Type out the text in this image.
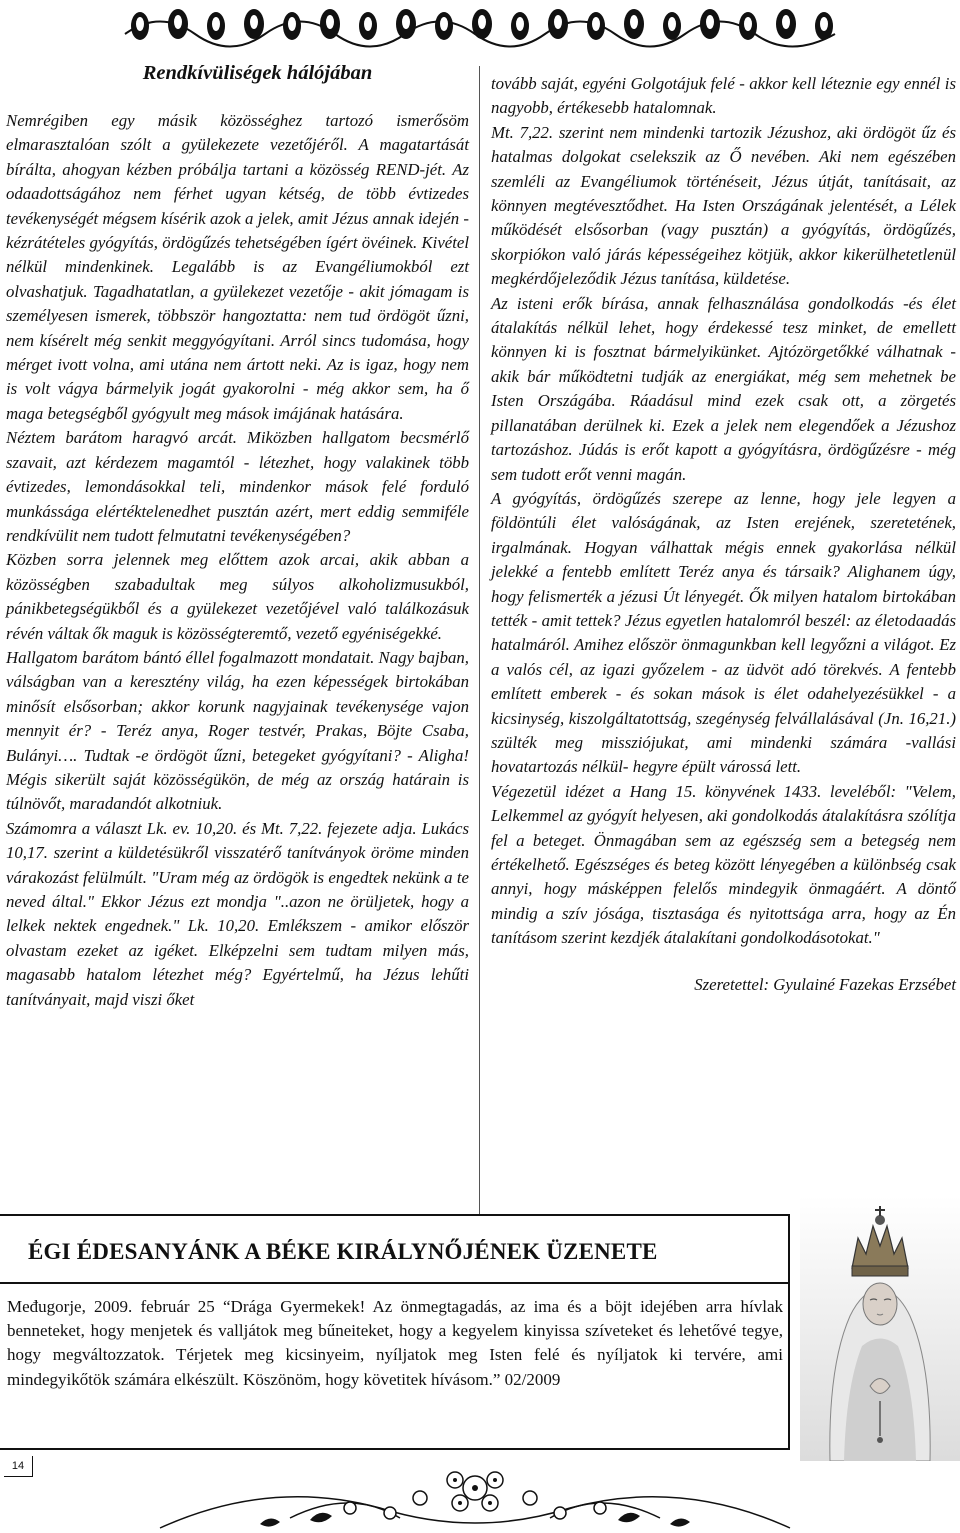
Rendkívüliségek hálójában

Nemrégiben egy másik közösséghez tartozó ismerősöm elmarasztalóan szólt a gyülekezete vezetőjéről. A magatartását bírálta, ahogyan kézben próbálja tartani a közösség REND-jét. Az odaadottságához nem férhet ugyan kétség, de több évtizedes tevékenységét mégsem kísérik azok a jelek, amit Jézus annak idején - kézrátételes gyógyítás, ördögűzés tehetségében ígért övéinek. Kivétel nélkül mindenkinek. Legalább is az Evangéliumokból ezt olvashatjuk. Tagadhatatlan, a gyülekezet vezetője - akit jómagam is személyesen ismerek, többször hangoztatta: nem tud ördögöt űzni, nem kísérelt még senkit meggyógyítani. Arról sincs tudomása, hogy mérget ivott volna, ami utána nem ártott neki. Az is igaz, hogy nem is volt vágya bármelyik jogát gyakorolni - még akkor sem, ha ő maga betegségből gyógyult meg mások imájának hatására.

Néztem barátom haragvó arcát. Miközben hallgatom becsmérlő szavait, azt kérdezem magamtól - létezhet, hogy valakinek több évtizedes, lemondásokkal teli, mindenkor mások felé forduló munkássága elértéktelenedhet pusztán azért, mert eddig semmiféle rendkívülit nem tudott felmutatni tevékenységében?

Közben sorra jelennek meg előttem azok arcai, akik abban a közösségben szabadultak meg súlyos alkoholizmusukból, pánikbetegségükből és a gyülekezet vezetőjével való találkozásuk révén váltak ők maguk is közösségteremtő, vezető egyéniségekké.

Hallgatom barátom bántó éllel fogalmazott mondatait. Nagy bajban, válságban van a keresztény világ, ha ezen képességek birtokában minősít elsősorban; akkor korunk nagyjainak tevékenysége vajon mennyit ér? - Teréz anya, Roger testvér, Prakas, Böjte Csaba, Bulányi…. Tudtak -e ördögöt űzni, betegeket gyógyítani? - Aligha! Mégis sikerült saját közösségükön, de még az ország határain is túlnövőt, maradandót alkotniuk.

Számomra a választ Lk. ev. 10,20. és Mt. 7,22. fejezete adja. Lukács 10,17. szerint a küldetésükről visszatérő tanítványok öröme minden várakozást felülmúlt. "Uram még az ördögök is engedtek nekünk a te neved által." Ekkor Jézus ezt mondja "..azon ne örüljetek, hogy a lelkek nektek engednek." Lk. 10,20. Emlékszem - amikor először olvastam ezeket az igéket. Elképzelni sem tudtam milyen más, magasabb hatalom létezhet még? Egyértelmű, ha Jézus lehűti tanítványait, majd viszi őket

tovább saját, egyéni Golgotájuk felé - akkor kell léteznie egy ennél is nagyobb, értékesebb hatalomnak.

Mt. 7,22. szerint nem mindenki tartozik Jézushoz, aki ördögöt űz és hatalmas dolgokat cselekszik az Ő nevében. Aki nem egészében szemléli az Evangéliumok történéseit, Jézus útját, tanításait, az könnyen megtévesztődhet. Ha Isten Országának jelentését, a Lélek működését elsősorban (vagy pusztán) a gyógyítás, ördögűzés, skorpiókon való járás képességeihez kötjük, akkor kikerülhetetlenül megkérdőjeleződik Jézus tanítása, küldetése.

Az isteni erők bírása, annak felhasználása gondolkodás -és élet átalakítás nélkül lehet, hogy érdekessé tesz minket, de emellett könnyen ki is fosztnat bármelyikünket. Ajtózörgetőkké válhatnak - akik bár működtetni tudják az energiákat, még sem mehetnek be Isten Országába. Ráadásul mind ezek csak ott, a zörgetés pillanatában derülnek ki. Ezek a jelek nem elegendőek a Jézushoz tartozáshoz. Júdás is erőt kapott a gyógyításra, ördögűzésre - még sem tudott erőt venni magán.

A gyógyítás, ördögűzés szerepe az lenne, hogy jele legyen a földöntúli élet valóságának, az Isten erejének, szeretetének, irgalmának. Hogyan válhattak mégis ennek gyakorlása nélkül jelekké a fentebb említett Teréz anya és társaik? Alighanem úgy, hogy felismerték a jézusi Út lényegét. Ők milyen hatalom birtokában tették - amit tettek? Jézus egyetlen hatalomról beszél: az életodaadás hatalmáról. Amihez először önmagunkban kell legyőzni a világot. Ez a valós cél, az igazi győzelem - az üdvöt adó törekvés. A fentebb említett emberek - és sokan mások is élet odahelyezésükkel - a kicsinység, kiszolgáltatottság, szegénység felvállalásával (Jn. 16,21.) szülték meg missziójukat, ami mindenki számára -vallási hovatartozás nélkül- hegyre épült várossá lett.

Végezetül idézet a Hang 15. könyvének 1433. leveléből: "Velem, Lelkemmel az gyógyít helyesen, aki gondolkodás átalakításra szólítja fel a beteget. Önmagában sem az egészség sem a betegség nem értékelhető. Egészséges és beteg között lényegében a különbség csak annyi, hogy másképpen felelős mindegyik önmagáért. A döntő mindig a szív jósága, tisztasága és nyitottsága arra, hogy az Én tanításom szerint kezdjék átalakítani gondolkodásotokat."

Szeretettel: Gyulainé Fazekas Erzsébet
ÉGI ÉDESANYÁNK A BÉKE KIRÁLYNŐJÉNEK ÜZENETE

Međugorje, 2009. február 25 “Drága Gyermekek! Az önmegtagadás, az ima és a böjt idejében arra hívlak benneteket, hogy menjetek és valljátok meg bűneiteket, hogy a kegyelem kinyissa szíveteket és lehetővé tegye, hogy megváltozzatok. Térjetek meg kicsinyeim, nyíljatok meg Isten felé és nyíljatok ki tervére, ami mindegyikőtök számára elkészült. Köszönöm, hogy követitek hívásom.” 02/2009

14
